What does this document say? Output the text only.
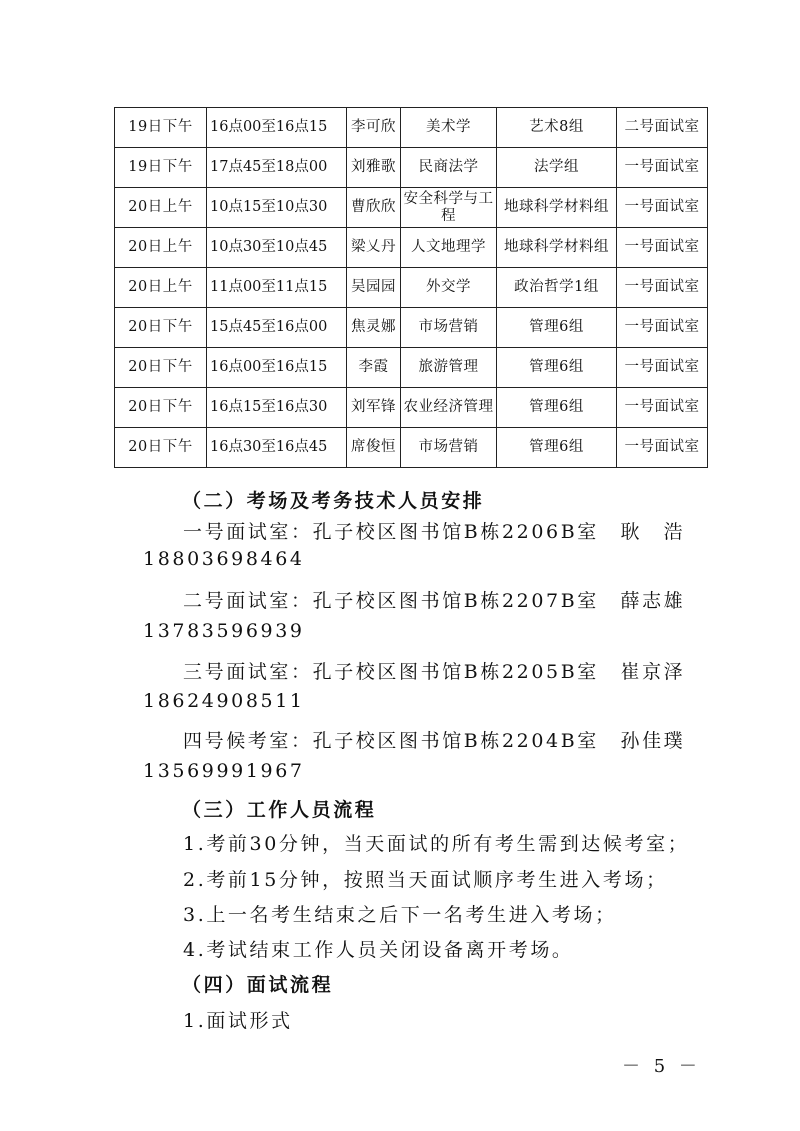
19日下午	16点00至16点15	李可欣	美术学	艺术8组	二号面试室
19日下午	17点45至18点00	刘雅歌	民商法学	法学组	一号面试室
20日上午	10点15至10点30	曹欣欣	安全科学与工程	地球科学材料组	一号面试室
20日上午	10点30至10点45	梁乂丹	人文地理学	地球科学材料组	一号面试室
20日上午	11点00至11点15	吴园园	外交学	政治哲学1组	一号面试室
20日下午	15点45至16点00	焦灵娜	市场营销	管理6组	一号面试室
20日下午	16点00至16点15	李霞	旅游管理	管理6组	一号面试室
20日下午	16点15至16点30	刘军锋	农业经济管理	管理6组	一号面试室
20日下午	16点30至16点45	席俊恒	市场营销	管理6组	一号面试室
（二）考场及考务技术人员安排
一号面试室：孔子校区图书馆B栋2206B室　耿　浩
18803698464
二号面试室：孔子校区图书馆B栋2207B室　薛志雄
13783596939
三号面试室：孔子校区图书馆B栋2205B室　崔京泽
18624908511
四号候考室：孔子校区图书馆B栋2204B室　孙佳璞
13569991967
（三）工作人员流程
1.考前30分钟，当天面试的所有考生需到达候考室；
2.考前15分钟，按照当天面试顺序考生进入考场；
3.上一名考生结束之后下一名考生进入考场；
4.考试结束工作人员关闭设备离开考场。
（四）面试流程
1.面试形式
－ 5 －
